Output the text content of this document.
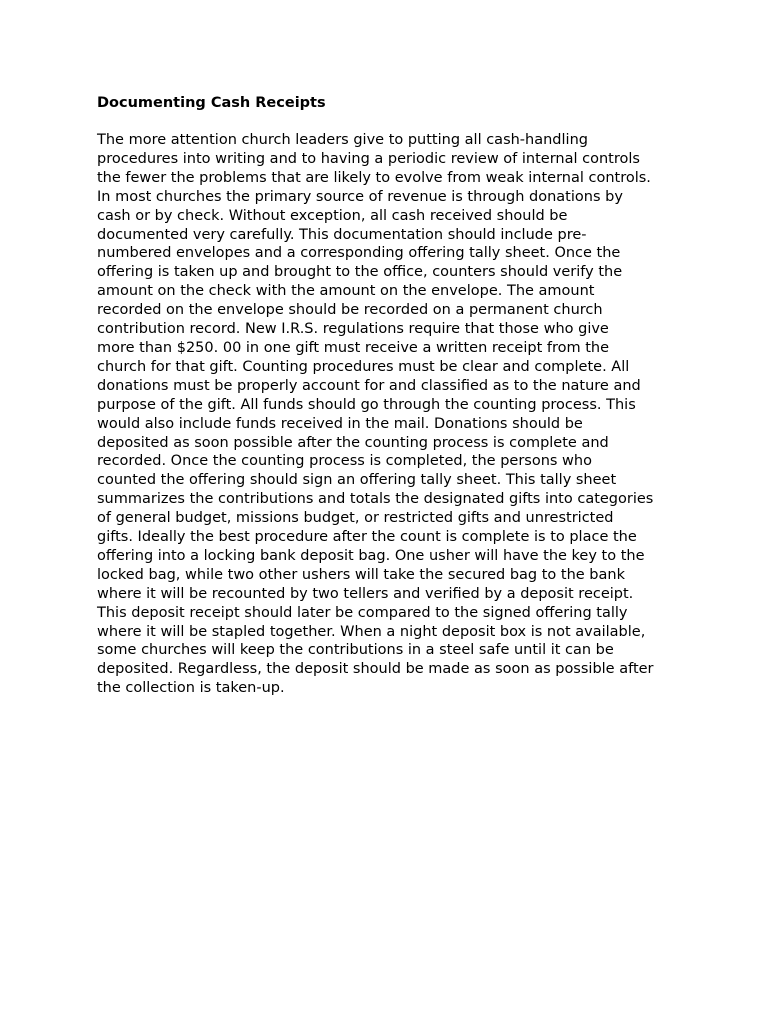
Documenting Cash Receipts
The more attention church leaders give to putting all cash-handling
procedures into writing and to having a periodic review of internal controls
the fewer the problems that are likely to evolve from weak internal controls.
In most churches the primary source of revenue is through donations by
cash or by check. Without exception, all cash received should be
documented very carefully. This documentation should include pre-
numbered envelopes and a corresponding offering tally sheet. Once the
offering is taken up and brought to the office, counters should verify the
amount on the check with the amount on the envelope. The amount
recorded on the envelope should be recorded on a permanent church
contribution record. New I.R.S. regulations require that those who give
more than $250. 00 in one gift must receive a written receipt from the
church for that gift. Counting procedures must be clear and complete. All
donations must be properly account for and classified as to the nature and
purpose of the gift. All funds should go through the counting process. This
would also include funds received in the mail. Donations should be
deposited as soon possible after the counting process is complete and
recorded. Once the counting process is completed, the persons who
counted the offering should sign an offering tally sheet. This tally sheet
summarizes the contributions and totals the designated gifts into categories
of general budget, missions budget, or restricted gifts and unrestricted
gifts. Ideally the best procedure after the count is complete is to place the
offering into a locking bank deposit bag. One usher will have the key to the
locked bag, while two other ushers will take the secured bag to the bank
where it will be recounted by two tellers and verified by a deposit receipt.
This deposit receipt should later be compared to the signed offering tally
where it will be stapled together. When a night deposit box is not available,
some churches will keep the contributions in a steel safe until it can be
deposited. Regardless, the deposit should be made as soon as possible after
the collection is taken-up.
